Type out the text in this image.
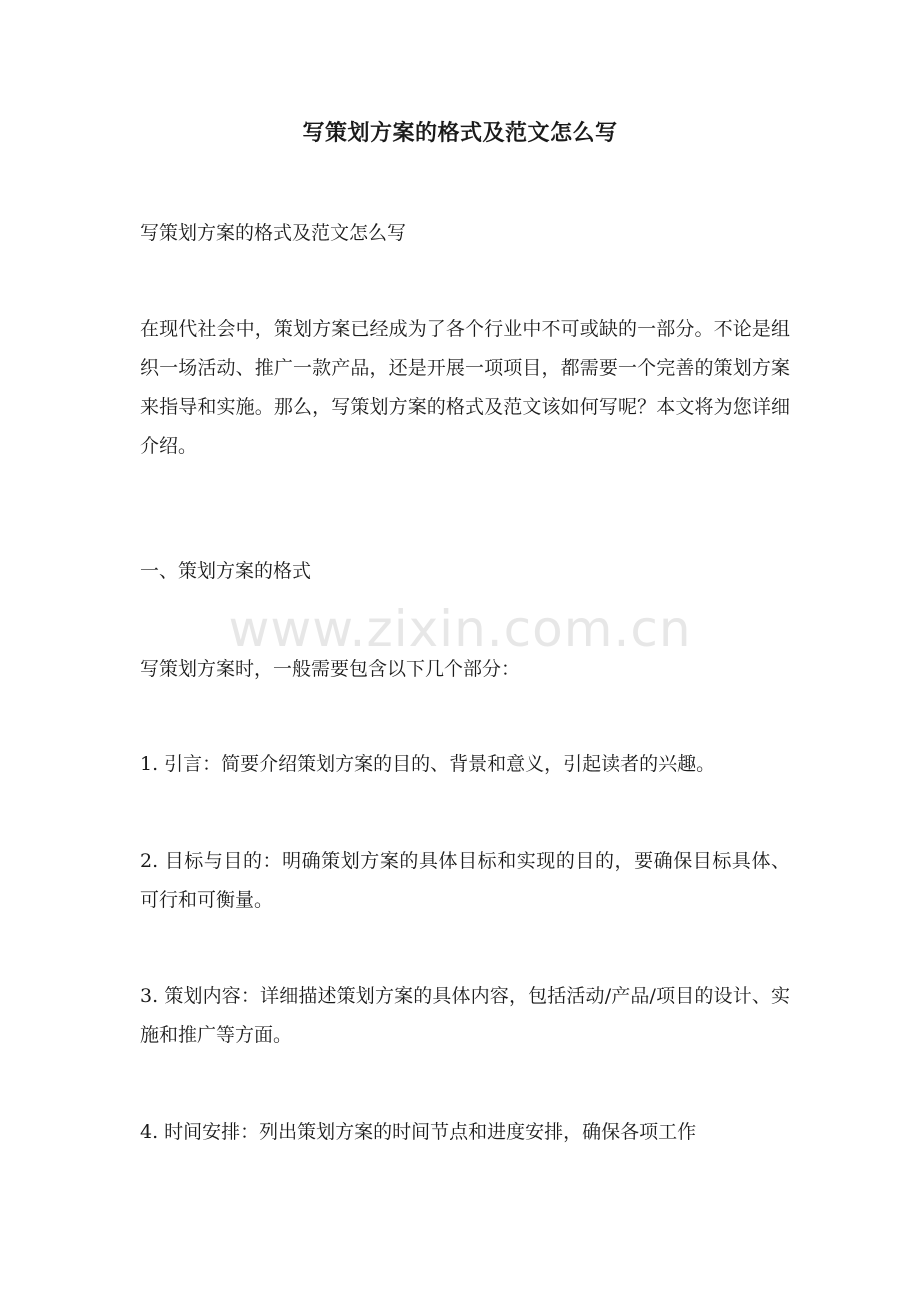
写策划方案的格式及范文怎么写

写策划方案的格式及范文怎么写

在现代社会中，策划方案已经成为了各个行业中不可或缺的一部分。不论是组织一场活动、推广一款产品，还是开展一项项目，都需要一个完善的策划方案来指导和实施。那么，写策划方案的格式及范文该如何写呢？本文将为您详细介绍。

一、策划方案的格式

写策划方案时，一般需要包含以下几个部分：

1. 引言：简要介绍策划方案的目的、背景和意义，引起读者的兴趣。

2. 目标与目的：明确策划方案的具体目标和实现的目的，要确保目标具体、可行和可衡量。

3. 策划内容：详细描述策划方案的具体内容，包括活动/产品/项目的设计、实施和推广等方面。

4. 时间安排：列出策划方案的时间节点和进度安排，确保各项工作

www.zixin.com.cn
